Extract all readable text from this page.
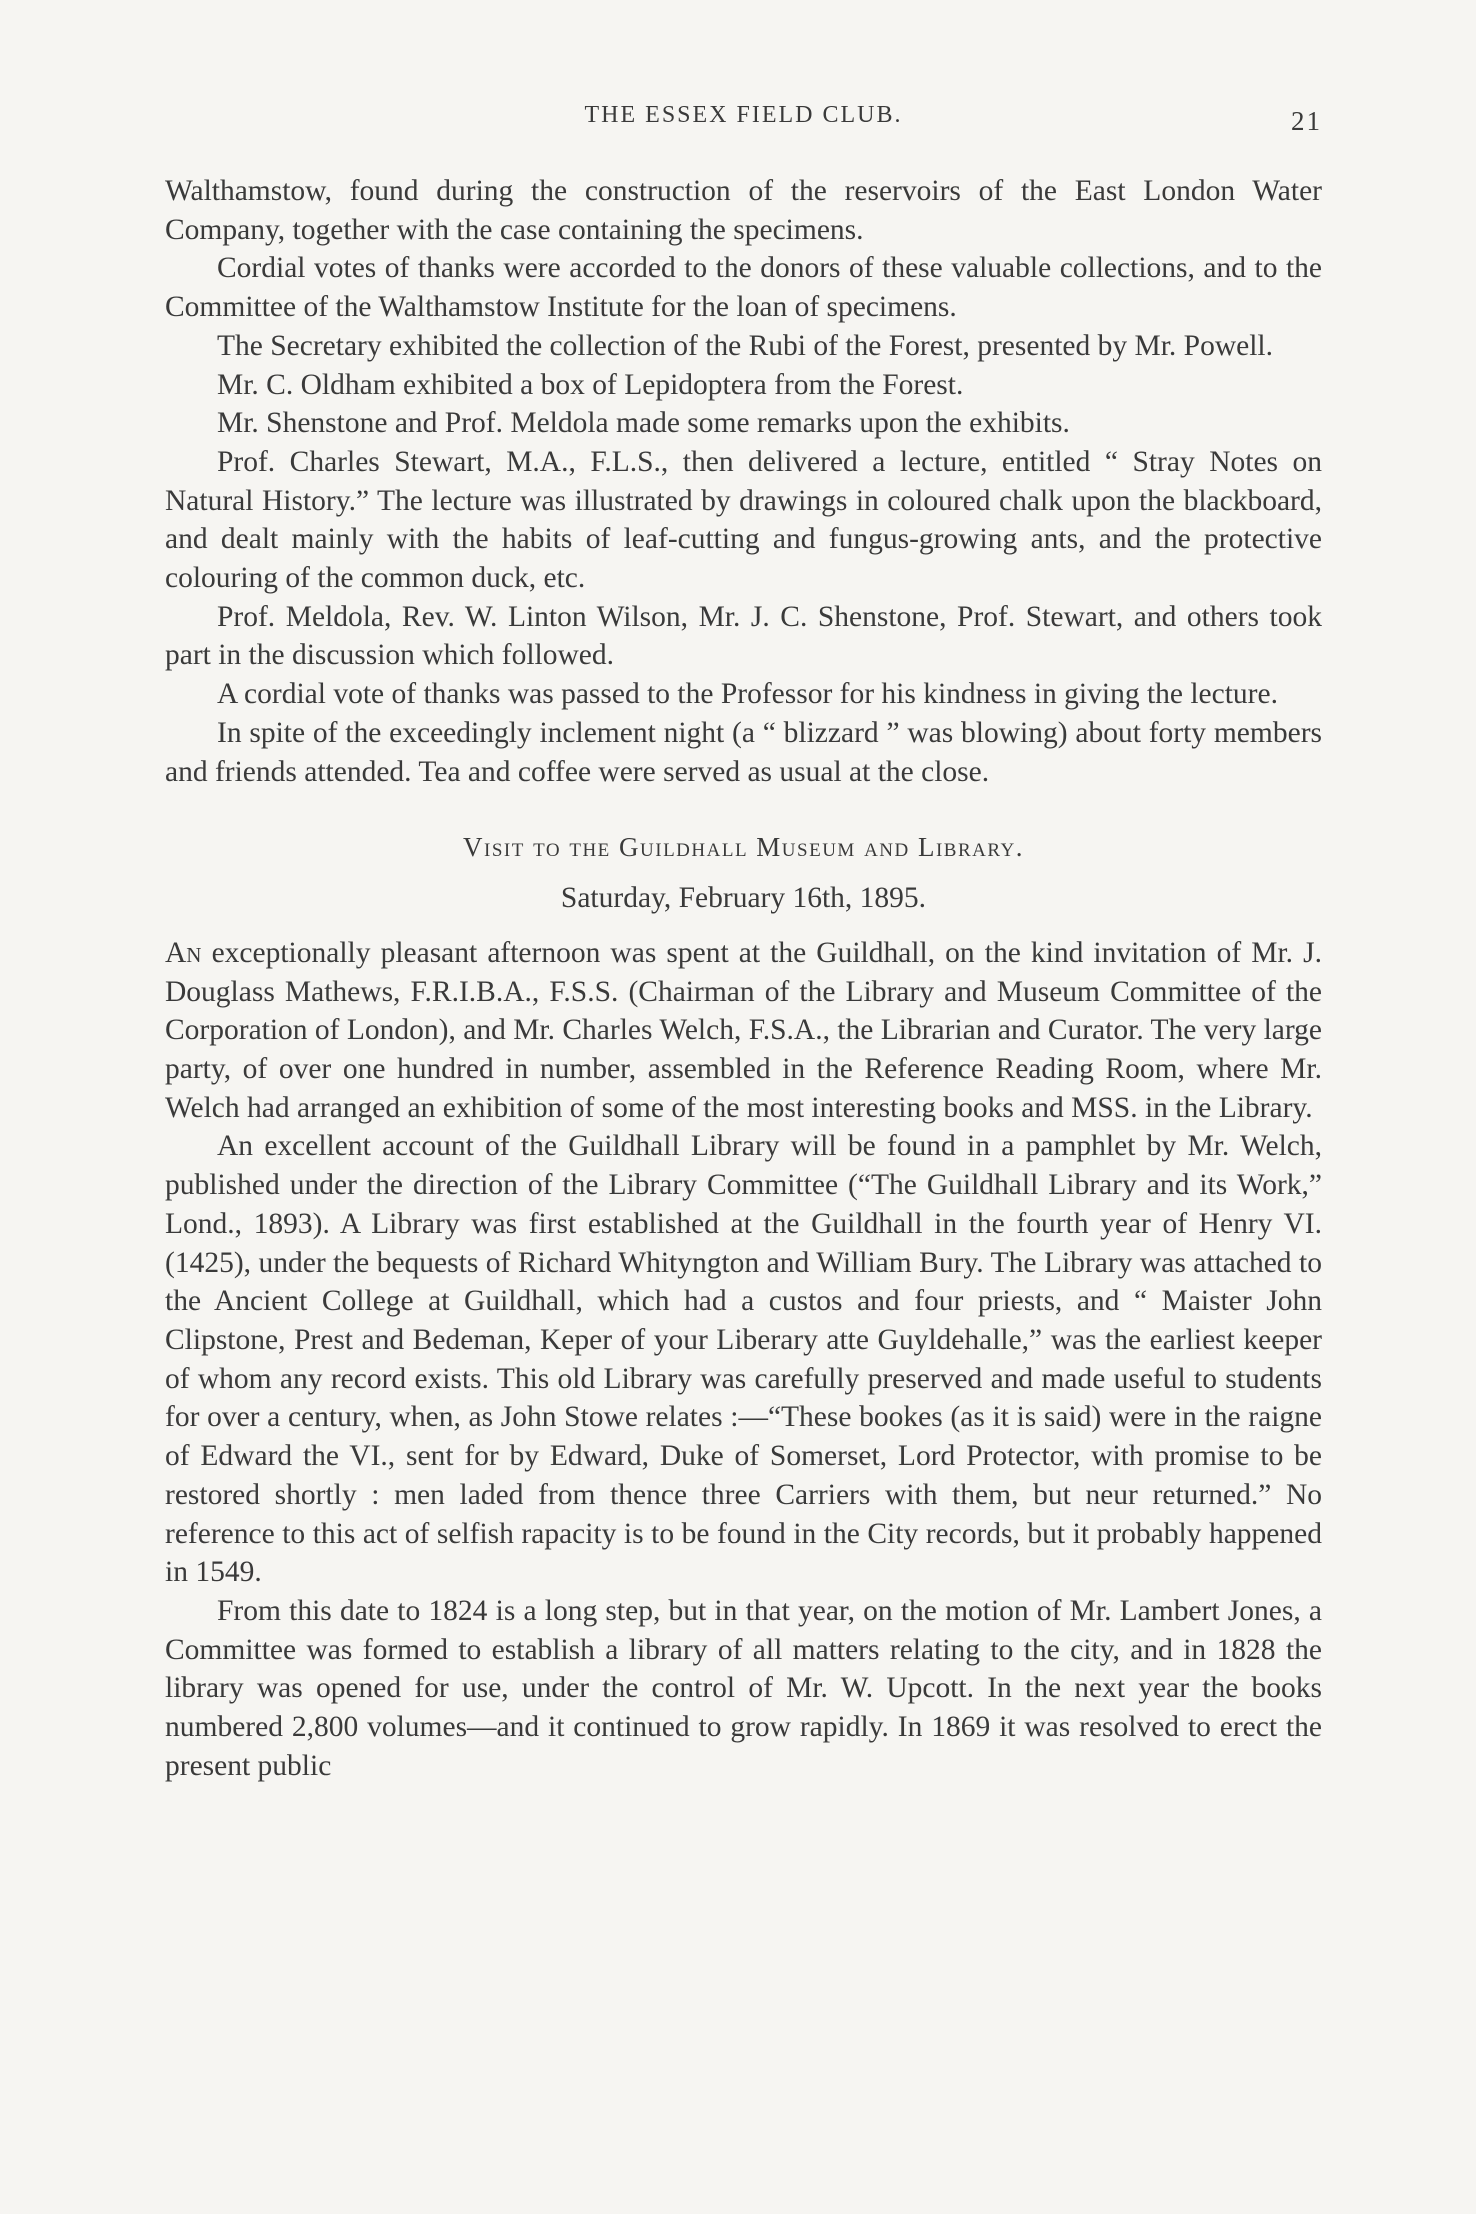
THE ESSEX FIELD CLUB.	21

Walthamstow, found during the construction of the reservoirs of the East London Water Company, together with the case containing the specimens.

Cordial votes of thanks were accorded to the donors of these valuable collections, and to the Committee of the Walthamstow Institute for the loan of specimens.

The Secretary exhibited the collection of the Rubi of the Forest, presented by Mr. Powell.

Mr. C. Oldham exhibited a box of Lepidoptera from the Forest.

Mr. Shenstone and Prof. Meldola made some remarks upon the exhibits.

Prof. Charles Stewart, M.A., F.L.S., then delivered a lecture, entitled “ Stray Notes on Natural History.” The lecture was illustrated by drawings in coloured chalk upon the blackboard, and dealt mainly with the habits of leaf-cutting and fungus-growing ants, and the protective colouring of the common duck, etc.

Prof. Meldola, Rev. W. Linton Wilson, Mr. J. C. Shenstone, Prof. Stewart, and others took part in the discussion which followed.

A cordial vote of thanks was passed to the Professor for his kindness in giving the lecture.

In spite of the exceedingly inclement night (a “ blizzard ” was blowing) about forty members and friends attended. Tea and coffee were served as usual at the close.

Visit to the Guildhall Museum and Library.
Saturday, February 16th, 1895.

An exceptionally pleasant afternoon was spent at the Guildhall, on the kind invitation of Mr. J. Douglass Mathews, F.R.I.B.A., F.S.S. (Chairman of the Library and Museum Committee of the Corporation of London), and Mr. Charles Welch, F.S.A., the Librarian and Curator. The very large party, of over one hundred in number, assembled in the Reference Reading Room, where Mr. Welch had arranged an exhibition of some of the most interesting books and MSS. in the Library.

An excellent account of the Guildhall Library will be found in a pamphlet by Mr. Welch, published under the direction of the Library Committee (“The Guildhall Library and its Work,” Lond., 1893). A Library was first established at the Guildhall in the fourth year of Henry VI. (1425), under the bequests of Richard Whityngton and William Bury. The Library was attached to the Ancient College at Guildhall, which had a custos and four priests, and “ Maister John Clipstone, Prest and Bedeman, Keper of your Liberary atte Guyldehalle,” was the earliest keeper of whom any record exists. This old Library was carefully preserved and made useful to students for over a century, when, as John Stowe relates :—“These bookes (as it is said) were in the raigne of Edward the VI., sent for by Edward, Duke of Somerset, Lord Protector, with promise to be restored shortly : men laded from thence three Carriers with them, but neur returned.” No reference to this act of selfish rapacity is to be found in the City records, but it probably happened in 1549.

From this date to 1824 is a long step, but in that year, on the motion of Mr. Lambert Jones, a Committee was formed to establish a library of all matters relating to the city, and in 1828 the library was opened for use, under the control of Mr. W. Upcott. In the next year the books numbered 2,800 volumes—and it continued to grow rapidly. In 1869 it was resolved to erect the present public
